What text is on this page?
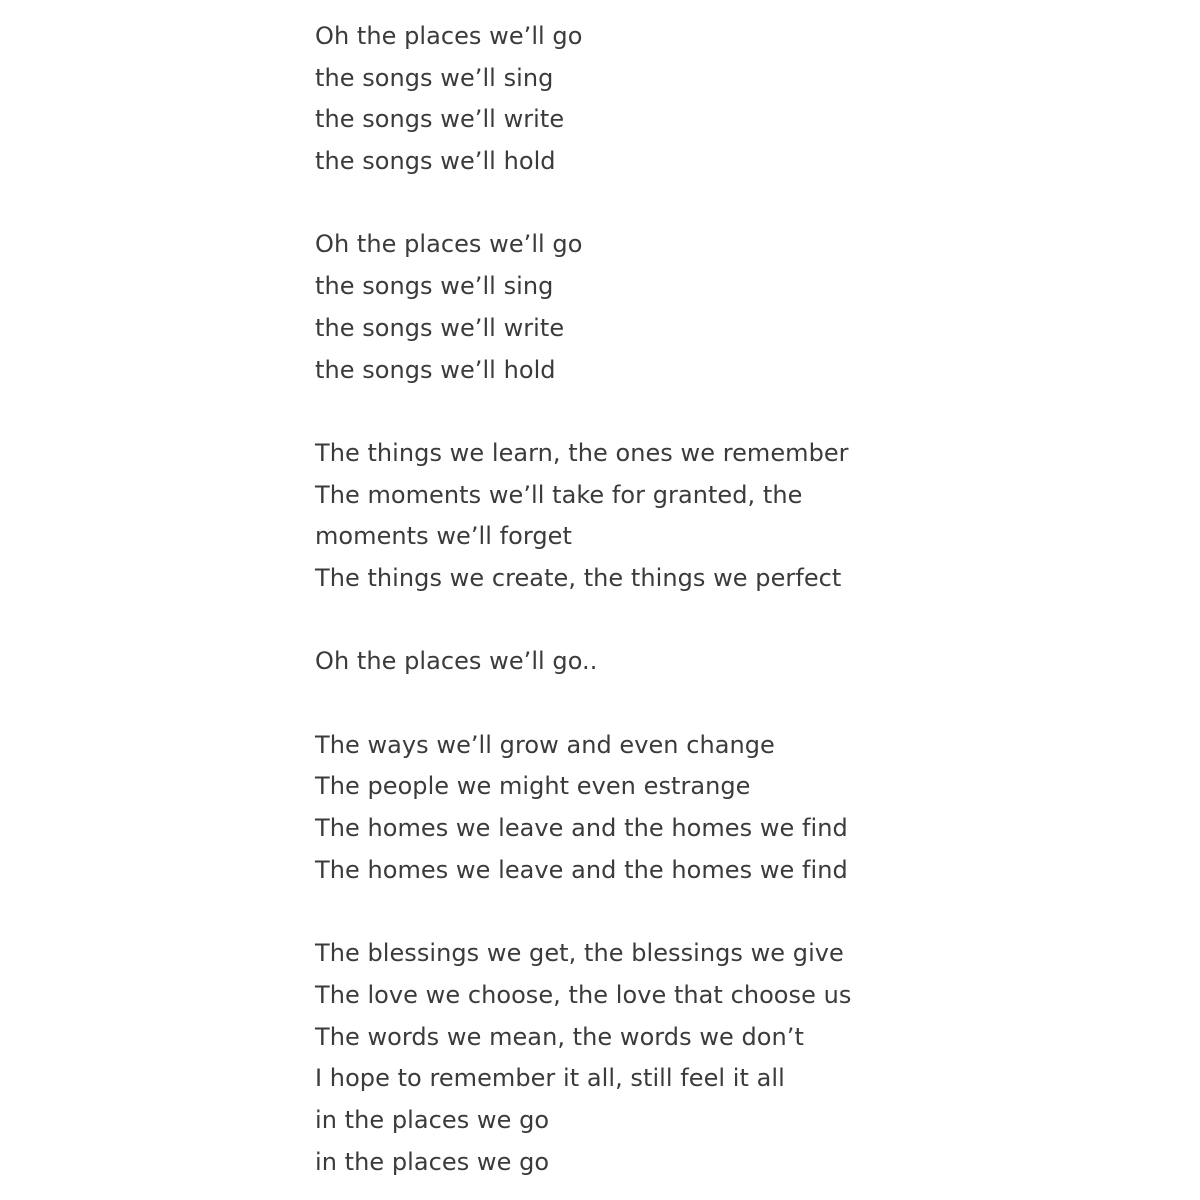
Oh the places we’ll go
the songs we’ll sing
the songs we’ll write
the songs we’ll hold
Oh the places we’ll go
the songs we’ll sing
the songs we’ll write
the songs we’ll hold
The things we learn, the ones we remember
The moments we’ll take for granted, the
moments we’ll forget
The things we create, the things we perfect
Oh the places we’ll go..
The ways we’ll grow and even change
The people we might even estrange
The homes we leave and the homes we find
The homes we leave and the homes we find
The blessings we get, the blessings we give
The love we choose, the love that choose us
The words we mean, the words we don’t
I hope to remember it all, still feel it all
in the places we go
in the places we go
